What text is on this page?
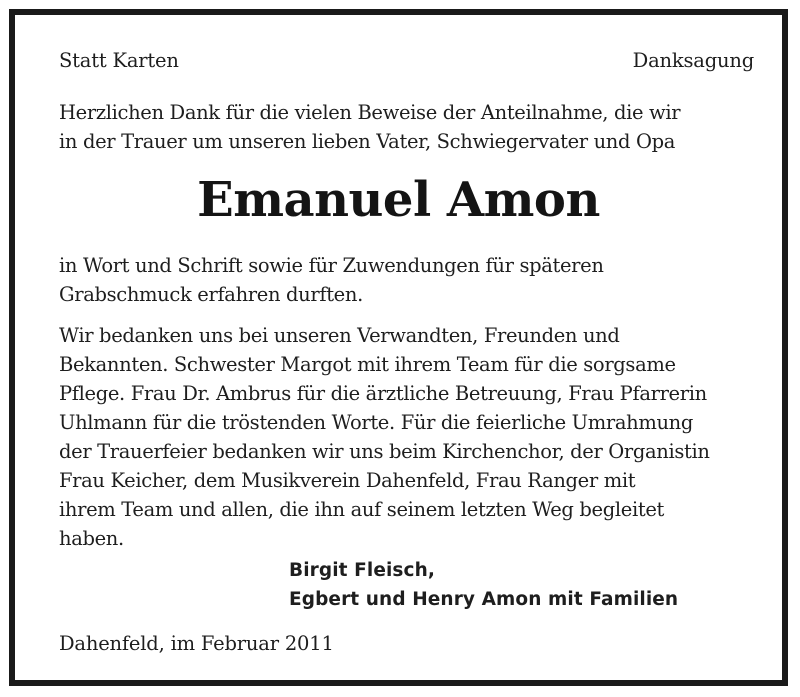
Statt Karten	Danksagung
Herzlichen Dank für die vielen Beweise der Anteilnahme, die wir
in der Trauer um unseren lieben Vater, Schwiegervater und Opa
Emanuel Amon
in Wort und Schrift sowie für Zuwendungen für späteren
Grabschmuck erfahren durften.
Wir bedanken uns bei unseren Verwandten, Freunden und
Bekannten. Schwester Margot mit ihrem Team für die sorgsame
Pflege. Frau Dr. Ambrus für die ärztliche Betreuung, Frau Pfarrerin
Uhlmann für die tröstenden Worte. Für die feierliche Umrahmung
der Trauerfeier bedanken wir uns beim Kirchenchor, der Organistin
Frau Keicher, dem Musikverein Dahenfeld, Frau Ranger mit
ihrem Team und allen, die ihn auf seinem letzten Weg begleitet
haben.
Birgit Fleisch,
Egbert und Henry Amon mit Familien
Dahenfeld, im Februar 2011
